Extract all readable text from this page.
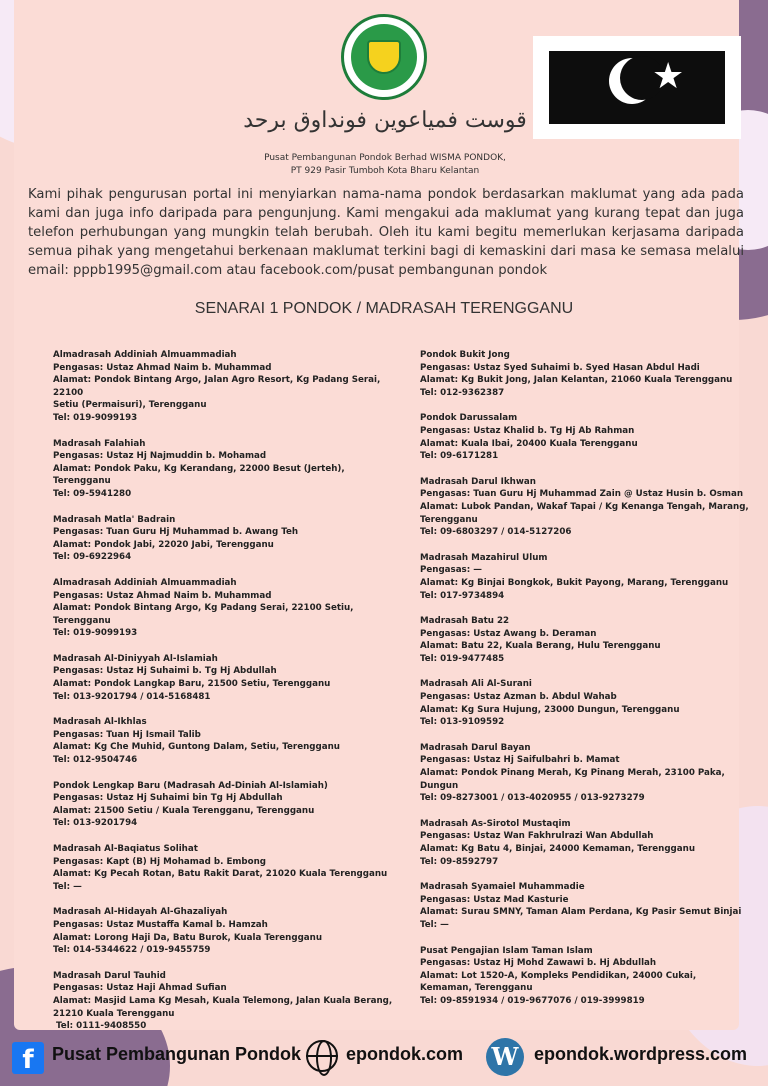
★
قوست فمياعوين فونداوق برحد
Pusat Pembangunan Pondok Berhad WISMA PONDOK,
PT 929 Pasir Tumboh Kota Bharu Kelantan
Kami pihak pengurusan portal ini menyiarkan nama-nama pondok berdasarkan maklumat yang ada pada kami dan juga info daripada para pengunjung. Kami mengakui ada maklumat yang kurang tepat dan juga telefon perhubungan yang mungkin telah berubah. Oleh itu kami begitu memerlukan kerjasama daripada semua pihak yang mengetahui berkenaan maklumat terkini bagi di kemaskini dari masa ke semasa melalui email: pppb1995@gmail.com atau facebook.com/pusat pembangunan pondok
SENARAI 1 PONDOK / MADRASAH TERENGGANU
Almadrasah Addiniah Almuammadiah
Pengasas: Ustaz Ahmad Naim b. Muhammad
Alamat: Pondok Bintang Argo, Jalan Agro Resort, Kg Padang Serai, 22100
Setiu (Permaisuri), Terengganu
Tel: 019-9099193
Madrasah Falahiah
Pengasas: Ustaz Hj Najmuddin b. Mohamad
Alamat: Pondok Paku, Kg Kerandang, 22000 Besut (Jerteh), Terengganu
Tel: 09-5941280
Madrasah Matla' Badrain
Pengasas: Tuan Guru Hj Muhammad b. Awang Teh
Alamat: Pondok Jabi, 22020 Jabi, Terengganu
Tel: 09-6922964
Almadrasah Addiniah Almuammadiah
Pengasas: Ustaz Ahmad Naim b. Muhammad
Alamat: Pondok Bintang Argo, Kg Padang Serai, 22100 Setiu, Terengganu
Tel: 019-9099193
Madrasah Al-Diniyyah Al-Islamiah
Pengasas: Ustaz Hj Suhaimi b. Tg Hj Abdullah
Alamat: Pondok Langkap Baru, 21500 Setiu, Terengganu
Tel: 013-9201794 / 014-5168481
Madrasah Al-Ikhlas
Pengasas: Tuan Hj Ismail Talib
Alamat: Kg Che Muhid, Guntong Dalam, Setiu, Terengganu
Tel: 012-9504746
Pondok Lengkap Baru (Madrasah Ad-Diniah Al-Islamiah)
Pengasas: Ustaz Hj Suhaimi bin Tg Hj Abdullah
Alamat: 21500 Setiu / Kuala Terengganu, Terengganu
Tel: 013-9201794
Madrasah Al-Baqiatus Solihat
Pengasas: Kapt (B) Hj Mohamad b. Embong
Alamat: Kg Pecah Rotan, Batu Rakit Darat, 21020 Kuala Terengganu
Tel: —
Madrasah Al-Hidayah Al-Ghazaliyah
Pengasas: Ustaz Mustaffa Kamal b. Hamzah
Alamat: Lorong Haji Da, Batu Burok, Kuala Terengganu
Tel: 014-5344622 / 019-9455759
Madrasah Darul Tauhid
Pengasas: Ustaz Haji Ahmad Sufian
Alamat: Masjid Lama Kg Mesah, Kuala Telemong, Jalan Kuala Berang,
21210 Kuala Terengganu
Tel: 0111-9408550
Pondok Bukit Jong
Pengasas: Ustaz Syed Suhaimi b. Syed Hasan Abdul Hadi
Alamat: Kg Bukit Jong, Jalan Kelantan, 21060 Kuala Terengganu
Tel: 012-9362387
Pondok Darussalam
Pengasas: Ustaz Khalid b. Tg Hj Ab Rahman
Alamat: Kuala Ibai, 20400 Kuala Terengganu
Tel: 09-6171281
Madrasah Darul Ikhwan
Pengasas: Tuan Guru Hj Muhammad Zain @ Ustaz Husin b. Osman
Alamat: Lubok Pandan, Wakaf Tapai / Kg Kenanga Tengah, Marang,
Terengganu
Tel: 09-6803297 / 014-5127206
Madrasah Mazahirul Ulum
Pengasas: —
Alamat: Kg Binjai Bongkok, Bukit Payong, Marang, Terengganu
Tel: 017-9734894
Madrasah Batu 22
Pengasas: Ustaz Awang b. Deraman
Alamat: Batu 22, Kuala Berang, Hulu Terengganu
Tel: 019-9477485
Madrasah Ali Al-Surani
Pengasas: Ustaz Azman b. Abdul Wahab
Alamat: Kg Sura Hujung, 23000 Dungun, Terengganu
Tel: 013-9109592
Madrasah Darul Bayan
Pengasas: Ustaz Hj Saifulbahri b. Mamat
Alamat: Pondok Pinang Merah, Kg Pinang Merah, 23100 Paka,
Dungun
Tel: 09-8273001 / 013-4020955 / 013-9273279
Madrasah As-Sirotol Mustaqim
Pengasas: Ustaz Wan Fakhrulrazi Wan Abdullah
Alamat: Kg Batu 4, Binjai, 24000 Kemaman, Terengganu
Tel: 09-8592797
Madrasah Syamaiel Muhammadie
Pengasas: Ustaz Mad Kasturie
Alamat: Surau SMNY, Taman Alam Perdana, Kg Pasir Semut Binjai
Tel: —
Pusat Pengajian Islam Taman Islam
Pengasas: Ustaz Hj Mohd Zawawi b. Hj Abdullah
Alamat: Lot 1520-A, Kompleks Pendidikan, 24000 Cukai,
Kemaman, Terengganu
Tel: 09-8591934 / 019-9677076 / 019-3999819
f	Pusat Pembangunan Pondok epondok.com W epondok.wordpress.com
